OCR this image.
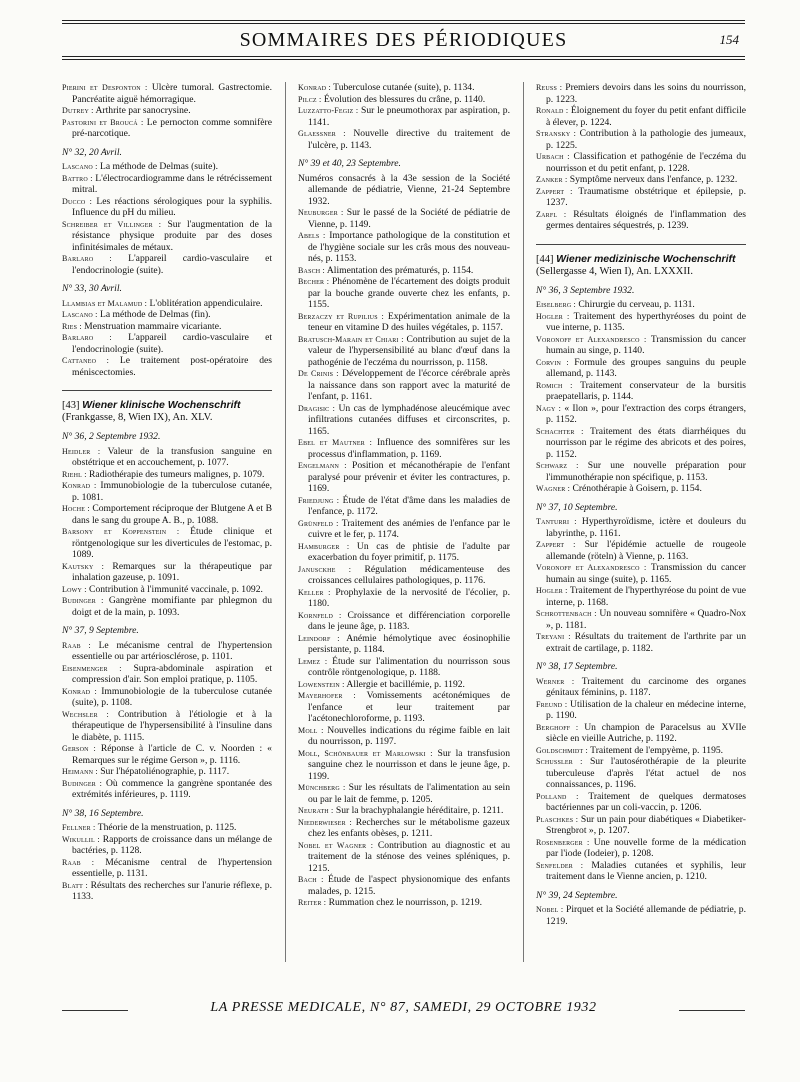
SOMMAIRES DES PÉRIODIQUES	154

Pierini et Desponton : Ulcère tumoral. Gastrectomie. Pancréatite aiguë hémorragique.

Dutrey : Arthrite par sanocrysine.

Pastorini et Broucá : Le pernocton comme somnifère pré-narcotique.

N° 32, 20 Avril.

Lascano : La méthode de Delmas (suite).

Battro : L'électrocardiogramme dans le rétrécissement mitral.

Ducco : Les réactions sérologiques pour la syphilis. Influence du pH du milieu.

Schreiber et Villinger : Sur l'augmentation de la résistance physique produite par des doses infinitésimales de métaux.

Barlaro : L'appareil cardio-vasculaire et l'endocrinologie (suite).

N° 33, 30 Avril.

Llambias et Malamud : L'oblitération appendiculaire.

Lascano : La méthode de Delmas (fin).

Ries : Menstruation mammaire vicariante.

Barlaro : L'appareil cardio-vasculaire et l'endocrinologie (suite).

Cattaneo : Le traitement post-opératoire des méniscectomies.

[43] Wiener klinische Wochenschrift (Frankgasse, 8, Wien IX), An. XLV.
N° 36, 2 Septembre 1932.

Heidler : Valeur de la transfusion sanguine en obstétrique et en accouchement, p. 1077.

Riehl : Radiothérapie des tumeurs malignes, p. 1079.

Konrad : Immunobiologie de la tuberculose cutanée, p. 1081.

Hoche : Comportement réciproque der Blutgene A et B dans le sang du groupe A. B., p. 1088.

Barsony et Koppenstein : Étude clinique et röntgenologique sur les diverticules de l'estomac, p. 1089.

Kautsky : Remarques sur la thérapeutique par inhalation gazeuse, p. 1091.

Lowy : Contribution à l'immunité vaccinale, p. 1092.

Budinger : Gangrène momifiante par phlegmon du doigt et de la main, p. 1093.

N° 37, 9 Septembre.

Raab : Le mécanisme central de l'hypertension essentielle ou par artériosclérose, p. 1101.

Eisenmenger : Supra-abdominale aspiration et compression d'air. Son emploi pratique, p. 1105.

Konrad : Immunobiologie de la tuberculose cutanée (suite), p. 1108.

Wechsler : Contribution à l'étiologie et à la thérapeutique de l'hypersensibilité à l'insuline dans le diabète, p. 1115.

Gerson : Réponse à l'article de C. v. Noorden : « Remarques sur le régime Gerson », p. 1116.

Heimann : Sur l'hépatoliénographie, p. 1117.

Budinger : Où commence la gangrène spontanée des extrémités inférieures, p. 1119.

N° 38, 16 Septembre.

Fellner : Théorie de la menstruation, p. 1125.

Wikullil : Rapports de croissance dans un mélange de bactéries, p. 1128.

Raab : Mécanisme central de l'hypertension essentielle, p. 1131.

Blatt : Résultats des recherches sur l'anurie réflexe, p. 1133.

Konrad : Tuberculose cutanée (suite), p. 1134.

Pilcz : Évolution des blessures du crâne, p. 1140.

Luzzatto-Fegiz : Sur le pneumothorax par aspiration, p. 1141.

Glaessner : Nouvelle directive du traitement de l'ulcère, p. 1143.

N° 39 et 40, 23 Septembre.

Numéros consacrés à la 43e session de la Société allemande de pédiatrie, Vienne, 21-24 Septembre 1932.

Neuburger : Sur le passé de la Société de pédiatrie de Vienne, p. 1149.

Abels : Importance pathologique de la constitution et de l'hygiène sociale sur les crâs mous des nouveau-nés, p. 1153.

Basch : Alimentation des prématurés, p. 1154.

Becher : Phénomène de l'écartement des doigts produit par la bouche grande ouverte chez les enfants, p. 1155.

Berzaczy et Rupilius : Expérimentation animale de la teneur en vitamine D des huiles végétales, p. 1157.

Bratusch-Marain et Chiari : Contribution au sujet de la valeur de l'hypersensibilité au blanc d'œuf dans la pathogénie de l'eczéma du nourrisson, p. 1158.

De Crinis : Développement de l'écorce cérébrale après la naissance dans son rapport avec la maturité de l'enfant, p. 1161.

Dragisic : Un cas de lymphadénose aleucémique avec infiltrations cutanées diffuses et circonscrites, p. 1165.

Ebel et Mautner : Influence des somnifères sur les processus d'inflammation, p. 1169.

Engelmann : Position et mécanothérapie de l'enfant paralysé pour prévenir et éviter les contractures, p. 1169.

Friedjung : Étude de l'état d'âme dans les maladies de l'enfance, p. 1172.

Grünfeld : Traitement des anémies de l'enfance par le cuivre et le fer, p. 1174.

Hamburger : Un cas de phtisie de l'adulte par exacerbation du foyer primitif, p. 1175.

Janusckhe : Régulation médicamenteuse des croissances cellulaires pathologiques, p. 1176.

Keller : Prophylaxie de la nervosité de l'écolier, p. 1180.

Kornfeld : Croissance et différenciation corporelle dans le jeune âge, p. 1183.

Leindorf : Anémie hémolytique avec éosinophilie persistante, p. 1184.

Lemez : Étude sur l'alimentation du nourrisson sous contrôle röntgenologique, p. 1188.

Lowenstein : Allergie et bacillémie, p. 1192.

Mayerhofer : Vomissements acétonémiques de l'enfance et leur traitement par l'acétonechloroforme, p. 1193.

Moll : Nouvelles indications du régime faible en lait du nourrisson, p. 1197.

Moll, Schönbauer et Marlowski : Sur la transfusion sanguine chez le nourrisson et dans le jeune âge, p. 1199.

Münchberg : Sur les résultats de l'alimentation au sein ou par le lait de femme, p. 1205.

Neurath : Sur la brachyphalangie héréditaire, p. 1211.

Niederwieser : Recherches sur le métabolisme gazeux chez les enfants obèses, p. 1211.

Nobel et Wagner : Contribution au diagnostic et au traitement de la sténose des veines spléniques, p. 1215.

Bach : Étude de l'aspect physionomique des enfants malades, p. 1215.

Reiter : Rummation chez le nourrisson, p. 1219.

Reuss : Premiers devoirs dans les soins du nourrisson, p. 1223.

Ronald : Éloignement du foyer du petit enfant difficile à élever, p. 1224.

Stransky : Contribution à la pathologie des jumeaux, p. 1225.

Urbach : Classification et pathogénie de l'eczéma du nourrisson et du petit enfant, p. 1228.

Zanker : Symptôme nerveux dans l'enfance, p. 1232.

Zappert : Traumatisme obstétrique et épilepsie, p. 1237.

Zarfl : Résultats éloignés de l'inflammation des germes dentaires séquestrés, p. 1239.

[44] Wiener medizinische Wochenschrift (Sellergasse 4, Wien I), An. LXXXII.
N° 36, 3 Septembre 1932.

Eiselberg : Chirurgie du cerveau, p. 1131.

Hogler : Traitement des hyperthyréoses du point de vue interne, p. 1135.

Voronoff et Alexandresco : Transmission du cancer humain au singe, p. 1140.

Corvin : Formule des groupes sanguins du peuple allemand, p. 1143.

Romich : Traitement conservateur de la bursitis praepatellaris, p. 1144.

Nagy : « Ilon », pour l'extraction des corps étrangers, p. 1152.

Schachter : Traitement des états diarrhéiques du nourrisson par le régime des abricots et des poires, p. 1152.

Schwarz : Sur une nouvelle préparation pour l'immunothérapie non spécifique, p. 1153.

Wagner : Crénothérapie à Goisern, p. 1154.

N° 37, 10 Septembre.

Tanturri : Hyperthyroïdisme, ictère et douleurs du labyrinthe, p. 1161.

Zappert : Sur l'épidémie actuelle de rougeole allemande (röteln) à Vienne, p. 1163.

Voronoff et Alexandresco : Transmission du cancer humain au singe (suite), p. 1165.

Hogler : Traitement de l'hyperthyréose du point de vue interne, p. 1168.

Schrottenbach : Un nouveau somnifère « Quadro-Nox », p. 1181.

Treyani : Résultats du traitement de l'arthrite par un extrait de cartilage, p. 1182.

N° 38, 17 Septembre.

Werner : Traitement du carcinome des organes génitaux féminins, p. 1187.

Freund : Utilisation de la chaleur en médecine interne, p. 1190.

Berghoff : Un champion de Paracelsus au XVIIe siècle en vieille Autriche, p. 1192.

Goldschmidt : Traitement de l'empyème, p. 1195.

Schussler : Sur l'autosérothérapie de la pleurite tuberculeuse d'après l'état actuel de nos connaissances, p. 1196.

Polland : Traitement de quelques dermatoses bactériennes par un coli-vaccin, p. 1206.

Plaschkes : Sur un pain pour diabétiques « Diabetiker-Strengbrot », p. 1207.

Rosenberger : Une nouvelle forme de la médication par l'iode (Iodeier), p. 1208.

Senfelder : Maladies cutanées et syphilis, leur traitement dans le Vienne ancien, p. 1210.

N° 39, 24 Septembre.

Nobel : Pirquet et la Société allemande de pédiatrie, p. 1219.

LA PRESSE MEDICALE, N° 87, SAMEDI, 29 OCTOBRE 1932
